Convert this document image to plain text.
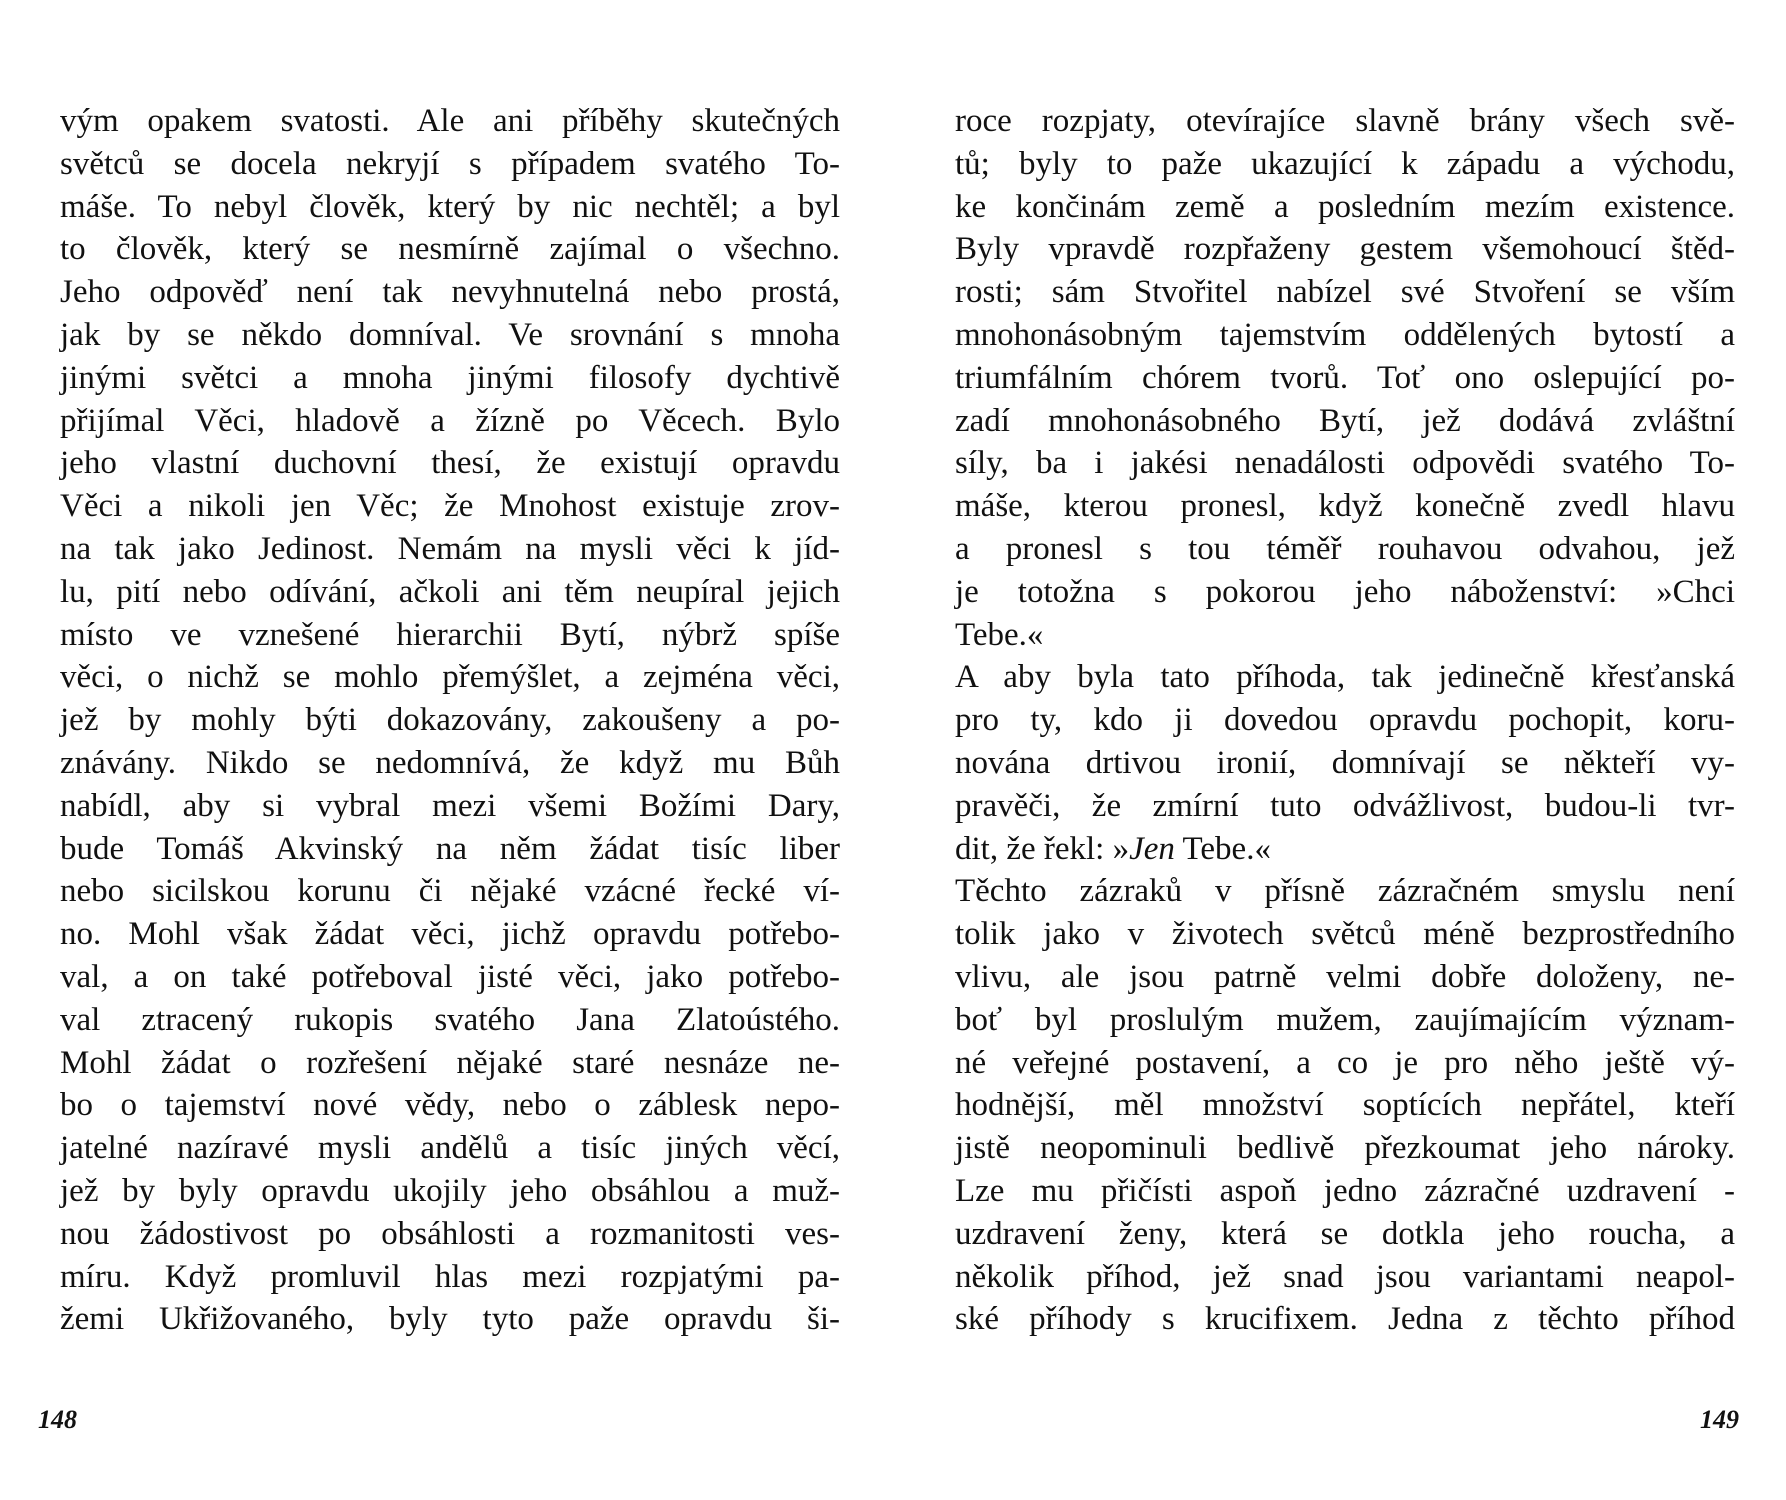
vým opakem svatosti. Ale ani příběhy skutečných
světců se docela nekryjí s případem svatého To-
máše. To nebyl člověk, který by nic nechtěl; a byl
to člověk, který se nesmírně zajímal o všechno.
Jeho odpověď není tak nevyhnutelná nebo prostá,
jak by se někdo domníval. Ve srovnání s mnoha
jinými světci a mnoha jinými filosofy dychtivě
přijímal Věci, hladově a žízně po Věcech. Bylo
jeho vlastní duchovní thesí, že existují opravdu
Věci a nikoli jen Věc; že Mnohost existuje zrov-
na tak jako Jedinost. Nemám na mysli věci k jíd-
lu, pití nebo odívání, ačkoli ani těm neupíral jejich
místo ve vznešené hierarchii Bytí, nýbrž spíše
věci, o nichž se mohlo přemýšlet, a zejména věci,
jež by mohly býti dokazovány, zakoušeny a po-
znávány. Nikdo se nedomnívá, že když mu Bůh
nabídl, aby si vybral mezi všemi Božími Dary,
bude Tomáš Akvinský na něm žádat tisíc liber
nebo sicilskou korunu či nějaké vzácné řecké ví-
no. Mohl však žádat věci, jichž opravdu potřebo-
val, a on také potřeboval jisté věci, jako potřebo-
val ztracený rukopis svatého Jana Zlatoústého.
Mohl žádat o rozřešení nějaké staré nesnáze ne-
bo o tajemství nové vědy, nebo o záblesk nepo-
jatelné nazíravé mysli andělů a tisíc jiných věcí,
jež by byly opravdu ukojily jeho obsáhlou a muž-
nou žádostivost po obsáhlosti a rozmanitosti ves-
míru. Když promluvil hlas mezi rozpjatými pa-
žemi Ukřižovaného, byly tyto paže opravdu ši-
roce rozpjaty, otevírajíce slavně brány všech svě-
tů; byly to paže ukazující k západu a východu,
ke končinám země a posledním mezím existence.
Byly vpravdě rozpřaženy gestem všemohoucí štěd-
rosti; sám Stvořitel nabízel své Stvoření se vším
mnohonásobným tajemstvím oddělených bytostí a
triumfálním chórem tvorů. Toť ono oslepující po-
zadí mnohonásobného Bytí, jež dodává zvláštní
síly, ba i jakési nenadálosti odpovědi svatého To-
máše, kterou pronesl, když konečně zvedl hlavu
a pronesl s tou téměř rouhavou odvahou, jež
je totožna s pokorou jeho náboženství: »Chci
Tebe.«
A aby byla tato příhoda, tak jedinečně křesťanská
pro ty, kdo ji dovedou opravdu pochopit, koru-
nována drtivou ironií, domnívají se někteří vy-
pravěči, že zmírní tuto odvážlivost, budou-li tvr-
dit, že řekl: »Jen Tebe.«
Těchto zázraků v přísně zázračném smyslu není
tolik jako v životech světců méně bezprostředního
vlivu, ale jsou patrně velmi dobře doloženy, ne-
boť byl proslulým mužem, zaujímajícím význam-
né veřejné postavení, a co je pro něho ještě vý-
hodnější, měl množství soptících nepřátel, kteří
jistě neopominuli bedlivě přezkoumat jeho nároky.
Lze mu přičísti aspoň jedno zázračné uzdravení -
uzdravení ženy, která se dotkla jeho roucha, a
několik příhod, jež snad jsou variantami neapol-
ské příhody s krucifixem. Jedna z těchto příhod
148	149
